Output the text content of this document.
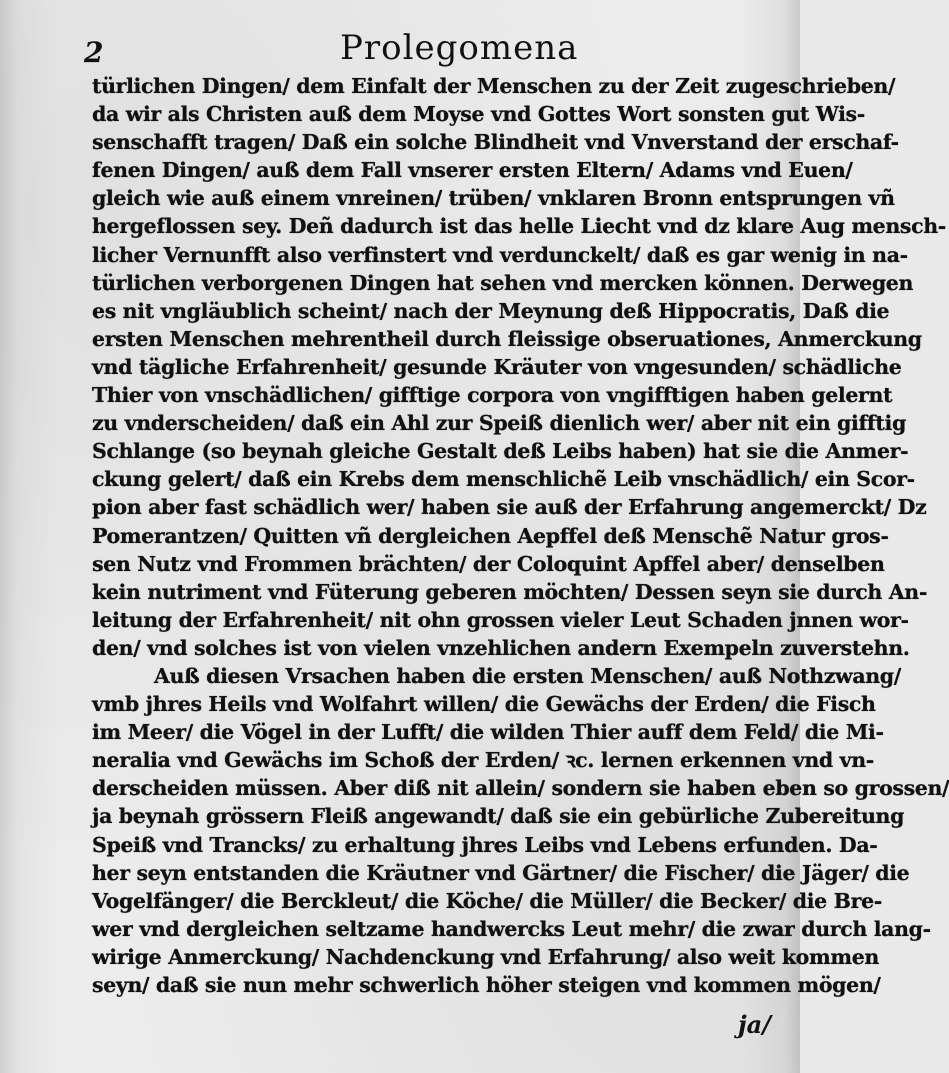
2	Prolegomena
türlichen Dingen/ dem Einfalt der Menschen zu der Zeit zugeschrieben/
da wir als Christen auß dem Moyse vnd Gottes Wort sonsten gut Wis-
senschafft tragen/ Daß ein solche Blindheit vnd Vnverstand der erschaf-
fenen Dingen/ auß dem Fall vnserer ersten Eltern/ Adams vnd Euen/
gleich wie auß einem vnreinen/ trüben/ vnklaren Bronn entsprungen vñ
hergeflossen sey. Deñ dadurch ist das helle Liecht vnd dz klare Aug mensch-
licher Vernunfft also verfinstert vnd verdunckelt/ daß es gar wenig in na-
türlichen verborgenen Dingen hat sehen vnd mercken können. Derwegen
es nit vngläublich scheint/ nach der Meynung deß Hippocratis, Daß die
ersten Menschen mehrentheil durch fleissige obseruationes, Anmerckung
vnd tägliche Erfahrenheit/ gesunde Kräuter von vngesunden/ schädliche
Thier von vnschädlichen/ gifftige corpora von vngifftigen haben gelernt
zu vnderscheiden/ daß ein Ahl zur Speiß dienlich wer/ aber nit ein gifftig
Schlange (so beynah gleiche Gestalt deß Leibs haben) hat sie die Anmer-
ckung gelert/ daß ein Krebs dem menschlichẽ Leib vnschädlich/ ein Scor-
pion aber fast schädlich wer/ haben sie auß der Erfahrung angemerckt/ Dz
Pomerantzen/ Quitten vñ dergleichen Aepffel deß Menschẽ Natur gros-
sen Nutz vnd Frommen brächten/ der Coloquint Apffel aber/ denselben
kein nutriment vnd Füterung geberen möchten/ Dessen seyn sie durch An-
leitung der Erfahrenheit/ nit ohn grossen vieler Leut Schaden jnnen wor-
den/ vnd solches ist von vielen vnzehlichen andern Exempeln zuverstehn.
Auß diesen Vrsachen haben die ersten Menschen/ auß Nothzwang/
vmb jhres Heils vnd Wolfahrt willen/ die Gewächs der Erden/ die Fisch
im Meer/ die Vögel in der Lufft/ die wilden Thier auff dem Feld/ die Mi-
neralia vnd Gewächs im Schoß der Erden/ ꝛc. lernen erkennen vnd vn-
derscheiden müssen. Aber diß nit allein/ sondern sie haben eben so grossen/
ja beynah grössern Fleiß angewandt/ daß sie ein gebürliche Zubereitung
Speiß vnd Trancks/ zu erhaltung jhres Leibs vnd Lebens erfunden. Da-
her seyn entstanden die Kräutner vnd Gärtner/ die Fischer/ die Jäger/ die
Vogelfänger/ die Berckleut/ die Köche/ die Müller/ die Becker/ die Bre-
wer vnd dergleichen seltzame handwercks Leut mehr/ die zwar durch lang-
wirige Anmerckung/ Nachdenckung vnd Erfahrung/ also weit kommen
seyn/ daß sie nun mehr schwerlich höher steigen vnd kommen mögen/
ja/
